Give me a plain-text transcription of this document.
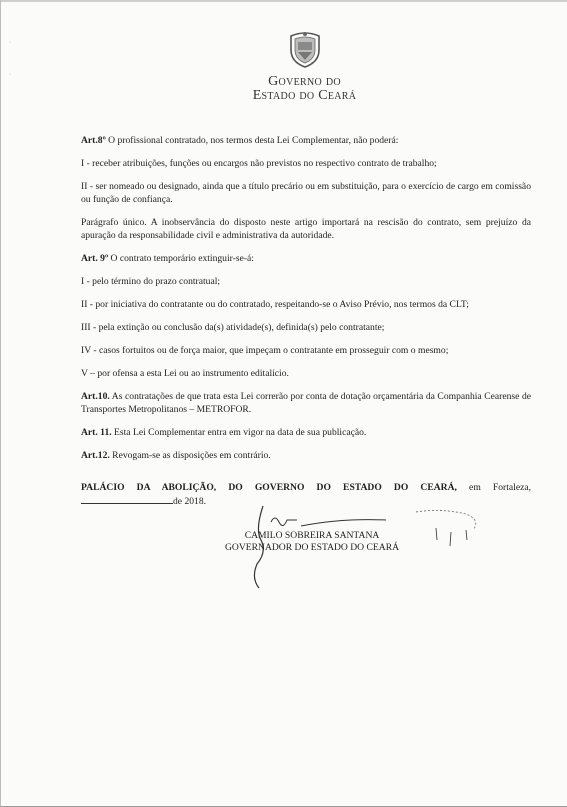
Governo do
Estado do Ceará

Art.8º O profissional contratado, nos termos desta Lei Complementar, não poderá:

I - receber atribuições, funções ou encargos não previstos no respectivo contrato de trabalho;

II - ser nomeado ou designado, ainda que a título precário ou em substituição, para o exercício de cargo em comissão ou função de confiança.

Parágrafo único. A inobservância do disposto neste artigo importará na rescisão do contrato, sem prejuízo da apuração da responsabilidade civil e administrativa da autoridade.

Art. 9º O contrato temporário extinguir-se-á:

I - pelo término do prazo contratual;

II - por iniciativa do contratante ou do contratado, respeitando-se o Aviso Prévio, nos termos da CLT;

III - pela extinção ou conclusão da(s) atividade(s), definida(s) pelo contratante;

IV - casos fortuitos ou de força maior, que impeçam o contratante em prosseguir com o mesmo;

V – por ofensa a esta Lei ou ao instrumento editalício.

Art.10. As contratações de que trata esta Lei correrão por conta de dotação orçamentária da Companhia Cearense de Transportes Metropolitanos – METROFOR.

Art. 11. Esta Lei Complementar entra em vigor na data de sua publicação.

Art.12. Revogam-se as disposições em contrário.

PALÁCIO DA ABOLIÇÃO, DO GOVERNO DO ESTADO DO CEARÁ, em Fortaleza,
de 2018.
CAMILO SOBREIRA SANTANA
GOVERNADOR DO ESTADO DO CEARÁ
·
·
